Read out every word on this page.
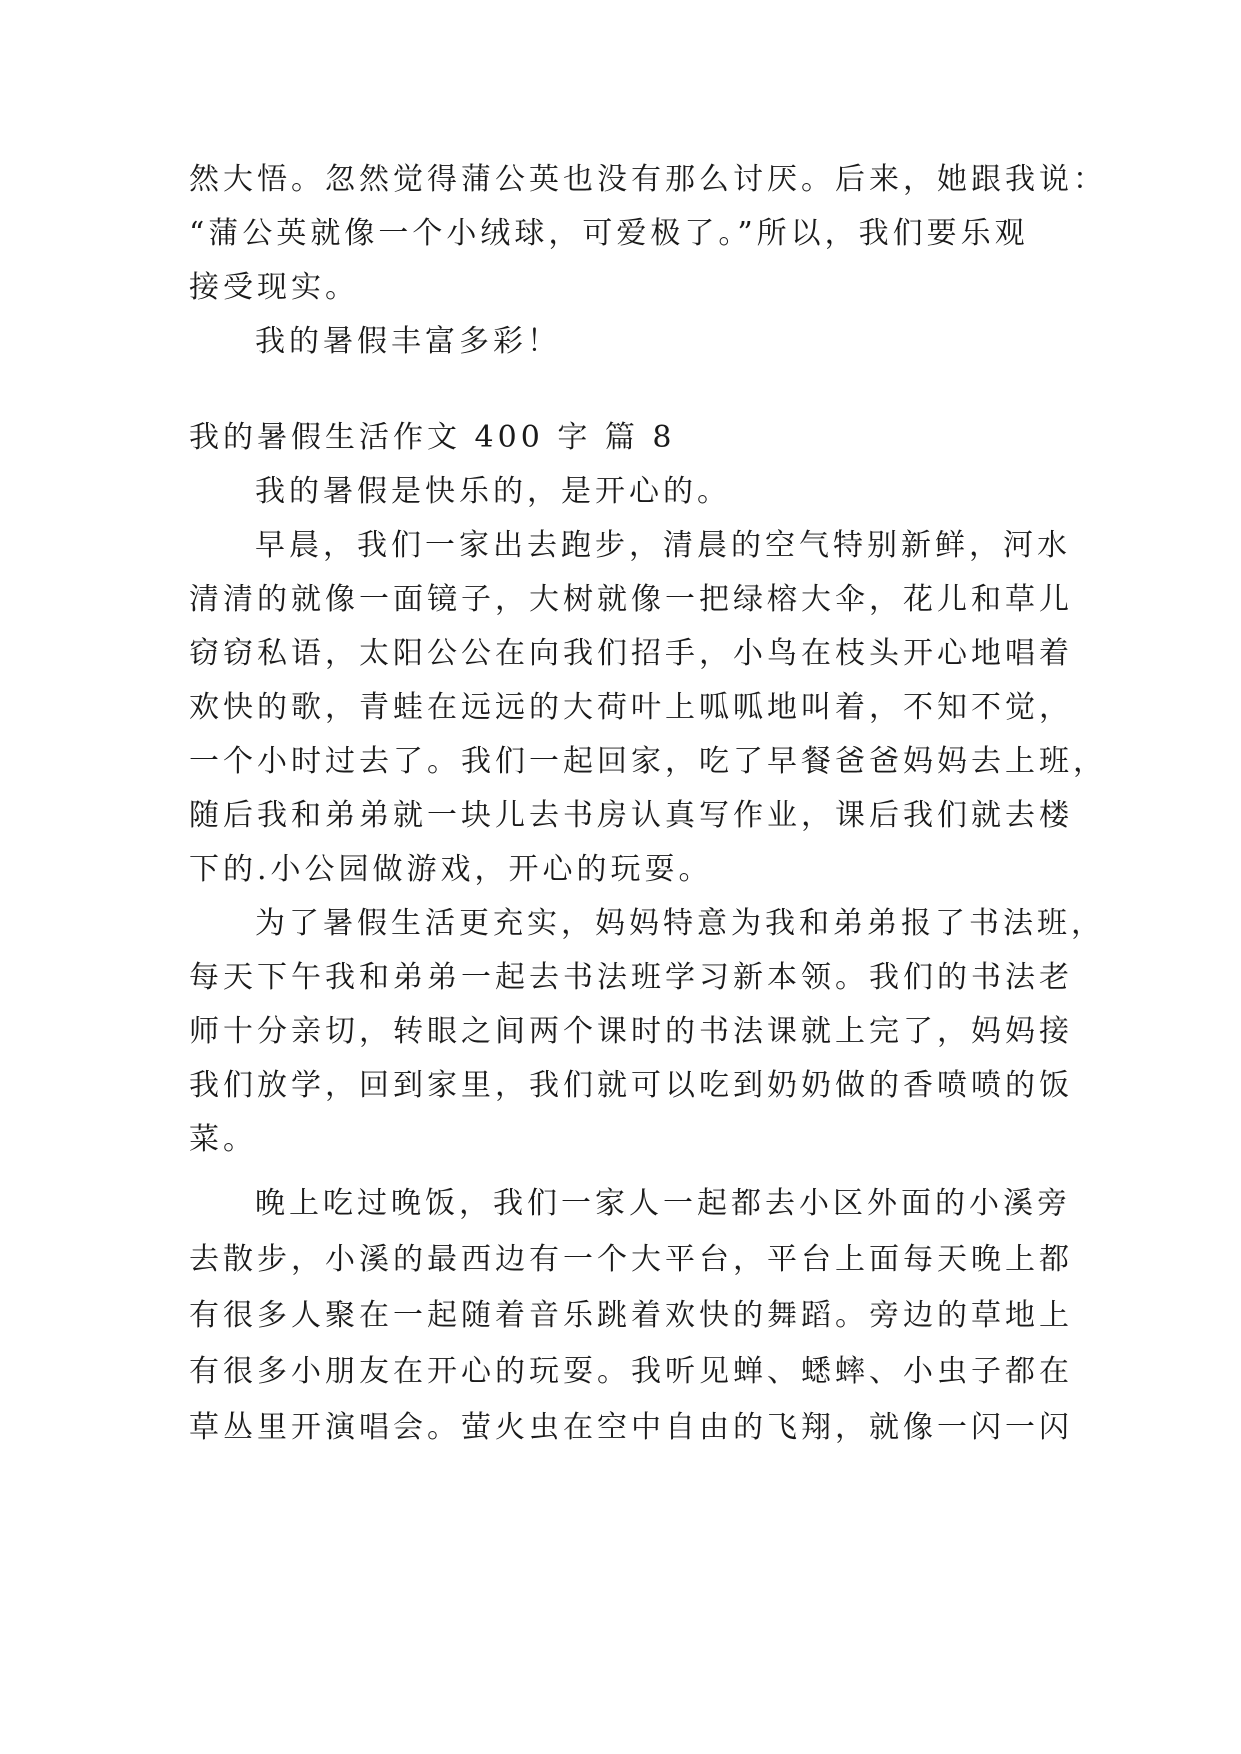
然大悟。忽然觉得蒲公英也没有那么讨厌。后来，她跟我说：
“蒲公英就像一个小绒球，可爱极了。”所以，我们要乐观
接受现实。
我的暑假丰富多彩！
我的暑假生活作文 400 字 篇 8
我的暑假是快乐的，是开心的。
早晨，我们一家出去跑步，清晨的空气特别新鲜，河水
清清的就像一面镜子，大树就像一把绿榕大伞，花儿和草儿
窃窃私语，太阳公公在向我们招手，小鸟在枝头开心地唱着
欢快的歌，青蛙在远远的大荷叶上呱呱地叫着，不知不觉，
一个小时过去了。我们一起回家，吃了早餐爸爸妈妈去上班，
随后我和弟弟就一块儿去书房认真写作业，课后我们就去楼
下的.小公园做游戏，开心的玩耍。
为了暑假生活更充实，妈妈特意为我和弟弟报了书法班，
每天下午我和弟弟一起去书法班学习新本领。我们的书法老
师十分亲切，转眼之间两个课时的书法课就上完了，妈妈接
我们放学，回到家里，我们就可以吃到奶奶做的香喷喷的饭
菜。
晚上吃过晚饭，我们一家人一起都去小区外面的小溪旁
去散步，小溪的最西边有一个大平台，平台上面每天晚上都
有很多人聚在一起随着音乐跳着欢快的舞蹈。旁边的草地上
有很多小朋友在开心的玩耍。我听见蝉、蟋蟀、小虫子都在
草丛里开演唱会。萤火虫在空中自由的飞翔，就像一闪一闪
